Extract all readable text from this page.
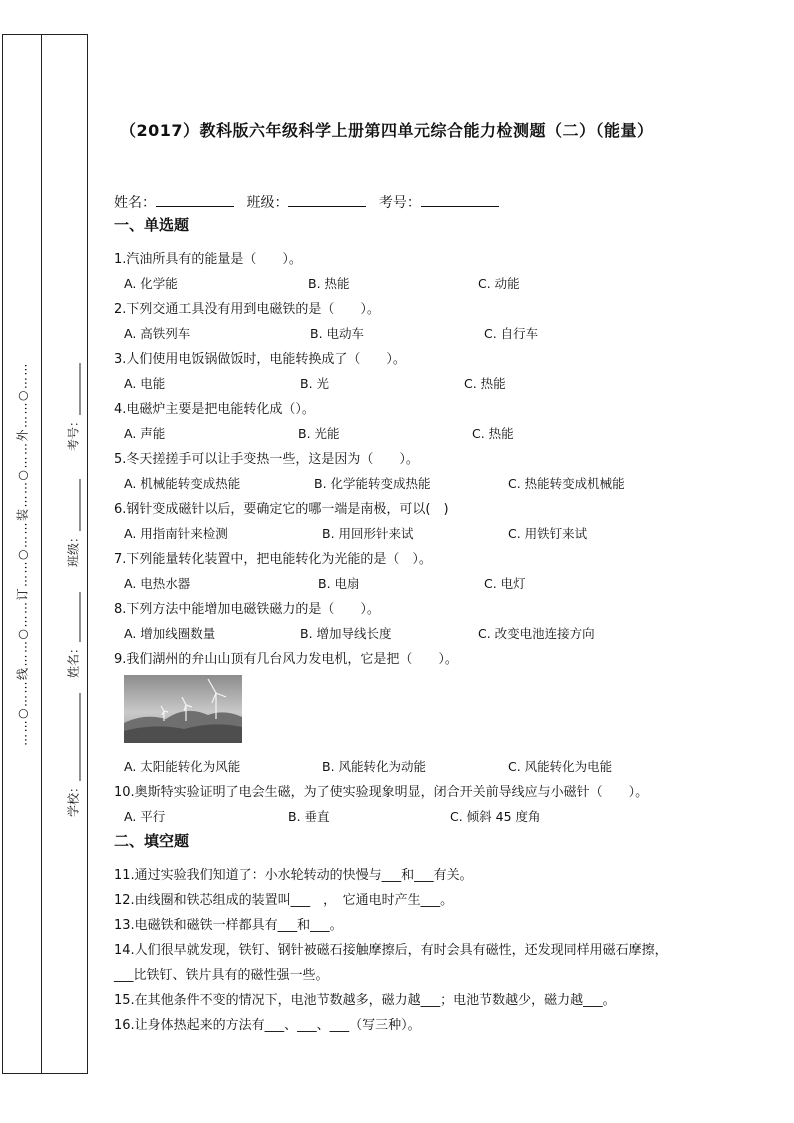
……○……线……○……订……○……装……○……外……○……
学校：
姓名：
班级：
考号：
（2017）教科版六年级科学上册第四单元综合能力检测题（二）（能量）
姓名：	班级：	考号：
一、单选题
1.汽油所具有的能量是（　　）。
A. 化学能	B. 热能	C. 动能
2.下列交通工具没有用到电磁铁的是（　　）。
A. 高铁列车	B. 电动车	C. 自行车
3.人们使用电饭锅做饭时，电能转换成了（　　）。
A. 电能	B. 光	C. 热能
4.电磁炉主要是把电能转化成（）。
A. 声能	B. 光能	C. 热能
5.冬天搓搓手可以让手变热一些，这是因为（　　）。
A. 机械能转变成热能	B. 化学能转变成热能	C. 热能转变成机械能
6.钢针变成磁针以后，要确定它的哪一端是南极，可以(　)
A. 用指南针来检测	B. 用回形针来试	C. 用铁钉来试
7.下列能量转化装置中，把电能转化为光能的是（　）。
A. 电热水器	B. 电扇	C. 电灯
8.下列方法中能增加电磁铁磁力的是（　　）。
A. 增加线圈数量	B. 增加导线长度	C. 改变电池连接方向
9.我们湖州的弁山山顶有几台风力发电机，它是把（　　）。
A. 太阳能转化为风能	B. 风能转化为动能	C. 风能转化为电能
10.奥斯特实验证明了电会生磁，为了使实验现象明显，闭合开关前导线应与小磁针（　　）。
A. 平行	B. 垂直	C. 倾斜 45 度角
二、填空题
11.通过实验我们知道了：小水轮转动的快慢与___和___有关。
12.由线圈和铁芯组成的装置叫___　，　它通电时产生___。
13.电磁铁和磁铁一样都具有___和___。
14.人们很早就发现，铁钉、钢针被磁石接触摩擦后，有时会具有磁性，还发现同样用磁石摩擦，
___比铁钉、铁片具有的磁性强一些。
15.在其他条件不变的情况下，电池节数越多，磁力越___；电池节数越少，磁力越___。
16.让身体热起来的方法有___、___、___（写三种）。
